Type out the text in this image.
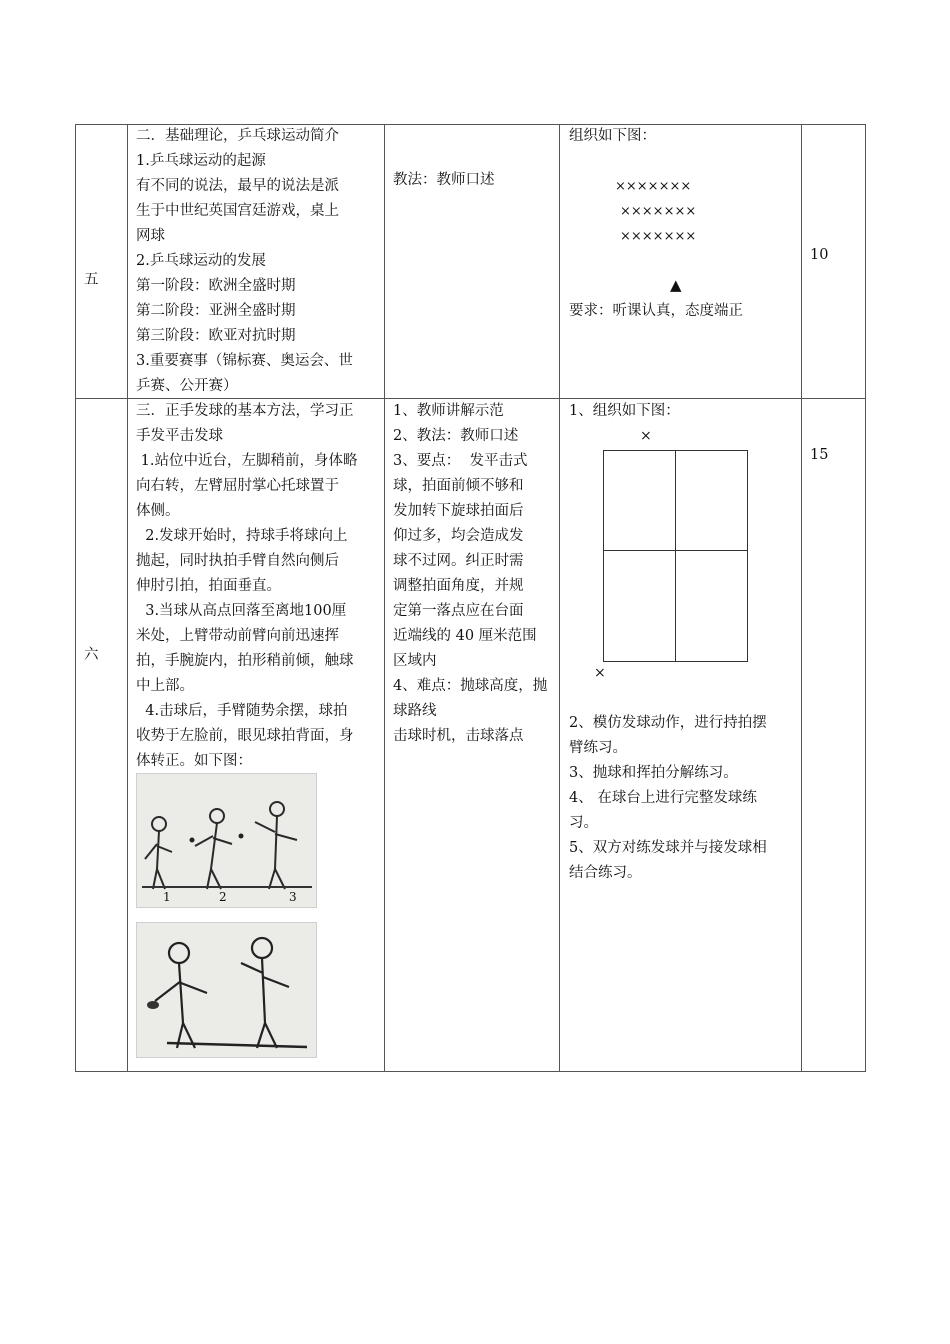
五
二．基础理论，乒乓球运动简介
1.乒乓球运动的起源
有不同的说法，最早的说法是派
生于中世纪英国宫廷游戏，桌上
网球
2.乒乓球运动的发展
第一阶段：欧洲全盛时期
第二阶段：亚洲全盛时期
第三阶段：欧亚对抗时期
3.重要赛事（锦标赛、奥运会、世
乒赛、公开赛）
教法：教师口述
组织如下图：
×××××××
×××××××
×××××××
▲
要求：听课认真，态度端正
10
六
三．正手发球的基本方法，学习正
手发平击发球
1.站位中近台，左脚稍前，身体略
向右转，左臂屈肘掌心托球置于
体侧。
2.发球开始时，持球手将球向上
抛起，同时执拍手臂自然向侧后
伸肘引拍，拍面垂直。
3.当球从高点回落至离地100厘
米处，上臂带动前臂向前迅速挥
拍，手腕旋内，拍形稍前倾，触球
中上部。
4.击球后，手臂随势余摆，球拍
收势于左脸前，眼见球拍背面，身
体转正。如下图：
1	2	3
1、教师讲解示范
2、教法：教师口述
3、要点：  发平击式
球，拍面前倾不够和
发加转下旋球拍面后
仰过多，均会造成发
球不过网。纠正时需
调整拍面角度，并规
定第一落点应在台面
近端线的 40 厘米范围
区域内
4、难点：抛球高度，抛
球路线
击球时机，击球落点
1、组织如下图：
×
×
2、模仿发球动作，进行持拍摆
臂练习。
3、抛球和挥拍分解练习。
4、 在球台上进行完整发球练
习。
5、双方对练发球并与接发球相
结合练习。
15
